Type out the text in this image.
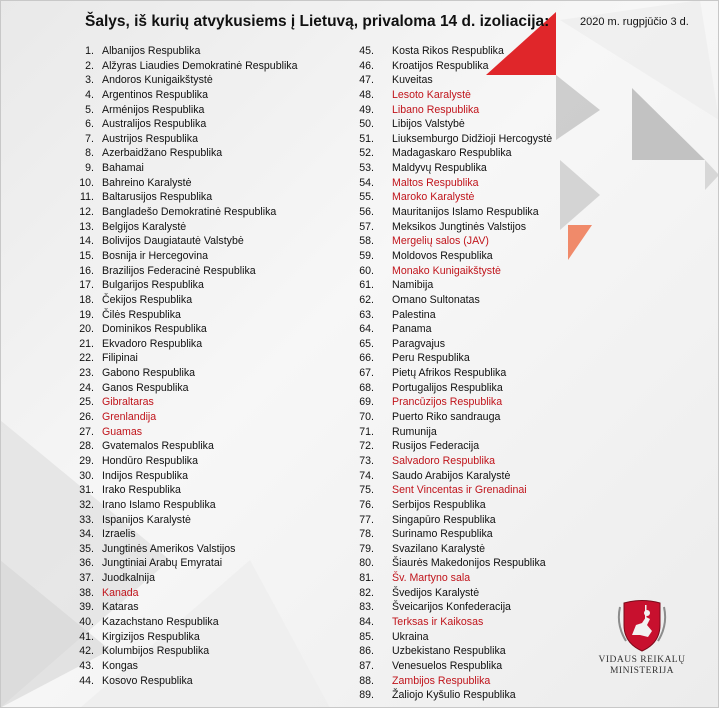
Šalys, iš kurių atvykusiems į Lietuvą, privaloma 14 d. izoliacija:	2020 m. rugpjūčio 3 d.
1. Albanijos Respublika
2. Alžyras Liaudies Demokratinė Respublika
3. Andoros Kunigaikštystė
4. Argentinos Respublika
5. Arménijos Respublika
6. Australijos Respublika
7. Austrijos Respublika
8. Azerbaidžano Respublika
9. Bahamai
10. Bahreino Karalystė
11. Baltarusijos Respublika
12. Bangladešo Demokratinė Respublika
13. Belgijos Karalystė
14. Bolivijos Daugiatautė Valstybė
15. Bosnija ir Hercegovina
16. Brazilijos Federacinė Respublika
17. Bulgarijos Respublika
18. Čekijos Respublika
19. Čilės Respublika
20. Dominikos Respublika
21. Ekvadoro Respublika
22. Filipinai
23. Gabono Respublika
24. Ganos Respublika
25. Gibraltaras
26. Grenlandija
27. Guamas
28. Gvatemalos Respublika
29. Hondūro Respublika
30. Indijos Respublika
31. Irako Respublika
32. Irano Islamo Respublika
33. Ispanijos Karalystė
34. Izraelis
35. Jungtinės Amerikos Valstijos
36. Jungtiniai Arabų Emyratai
37. Juodkalnija
38. Kanada
39. Kataras
40. Kazachstano Respublika
41. Kirgizijos Respublika
42. Kolumbijos Respublika
43. Kongas
44. Kosovo Respublika
45. Kosta Rikos Respublika
46. Kroatijos Respublika
47. Kuveitas
48. Lesoto Karalystė
49. Libano Respublika
50. Libijos Valstybė
51. Liuksemburgo Didžioji Hercogystė
52. Madagaskaro Respublika
53. Maldyvų Respublika
54. Maltos Respublika
55. Maroko Karalystė
56. Mauritanijos Islamo Respublika
57. Meksikos Jungtinės Valstijos
58. Mergelių salos (JAV)
59. Moldovos Respublika
60. Monako Kunigaikštystė
61. Namibija
62. Omano Sultonatas
63. Palestina
64. Panama
65. Paragvajus
66. Peru Respublika
67. Pietų Afrikos Respublika
68. Portugalijos Respublika
69. Prancūzijos Respublika
70. Puerto Riko sandrauga
71. Rumunija
72. Rusijos Federacija
73. Salvadoro Respublika
74. Saudo Arabijos Karalystė
75. Sent Vincentas ir Grenadinai
76. Serbijos Respublika
77. Singapūro Respublika
78. Surinamo Respublika
79. Svazilano Karalystė
80. Šiaurės Makedonijos Respublika
81. Šv. Martyno sala
82. Švedijos Karalystė
83. Šveicarijos Konfederacija
84. Terksas ir Kaikosas
85. Ukraina
86. Uzbekistano Respublika
87. Venesuelos Respublika
88. Zambijos Respublika
89. Žaliojo Kyšulio Respublika
VIDAUS REIKALŲ
MINISTERIJA
